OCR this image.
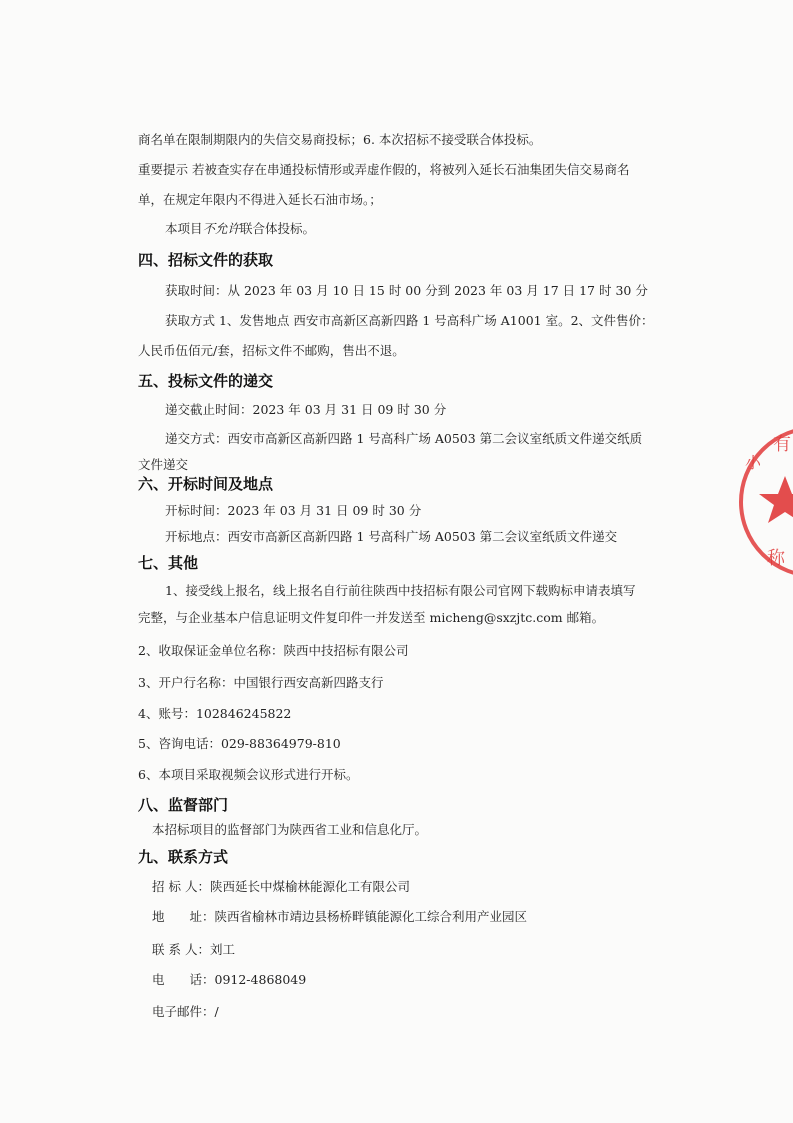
商名单在限制期限内的失信交易商投标；6. 本次招标不接受联合体投标。
重要提示 若被查实存在串通投标情形或弄虚作假的，将被列入延长石油集团失信交易商名
单，在规定年限内不得进入延长石油市场。；
本项目不允许联合体投标。
四、招标文件的获取
获取时间：从 2023 年 03 月 10 日 15 时 00 分到 2023 年 03 月 17 日 17 时 30 分
获取方式 1、发售地点 西安市高新区高新四路 1 号高科广场 A1001 室。2、文件售价：
人民币伍佰元/套，招标文件不邮购，售出不退。
五、投标文件的递交
递交截止时间：2023 年 03 月 31 日 09 时 30 分
递交方式：西安市高新区高新四路 1 号高科广场 A0503 第二会议室纸质文件递交纸质
文件递交
六、开标时间及地点
开标时间：2023 年 03 月 31 日 09 时 30 分
开标地点：西安市高新区高新四路 1 号高科广场 A0503 第二会议室纸质文件递交
七、其他
1、接受线上报名，线上报名自行前往陕西中技招标有限公司官网下载购标申请表填写
完整，与企业基本户信息证明文件复印件一并发送至 micheng@sxzjtc.com 邮箱。
2、收取保证金单位名称：陕西中技招标有限公司
3、开户行名称：中国银行西安高新四路支行
4、账号：102846245822
5、咨询电话：029-88364979-810
6、本项目采取视频会议形式进行开标。
八、监督部门
本招标项目的监督部门为陕西省工业和信息化厅。
九、联系方式
招 标 人：陕西延长中煤榆林能源化工有限公司
地　　址：陕西省榆林市靖边县杨桥畔镇能源化工综合利用产业园区
联 系 人：刘工
电　　话：0912-4868049
电子邮件：/
有
小
称
